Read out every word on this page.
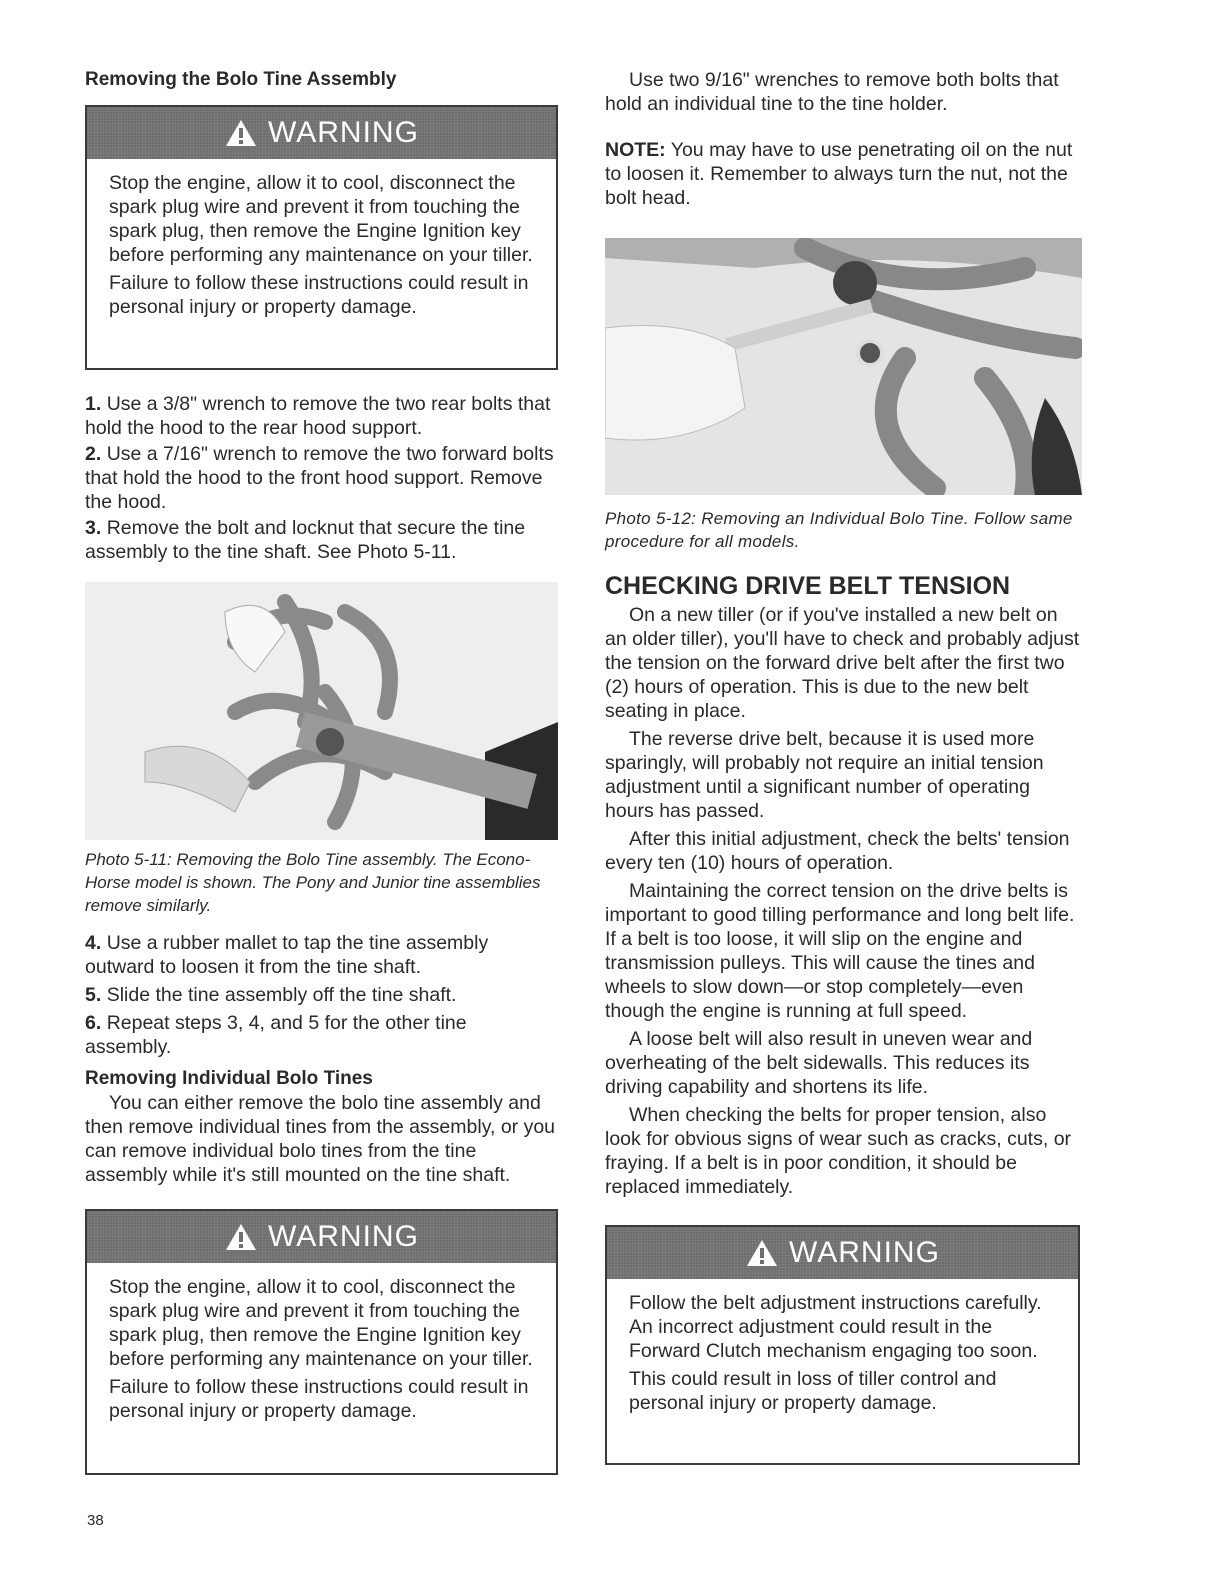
Removing the Bolo Tine Assembly
WARNING

Stop the engine, allow it to cool, disconnect the spark plug wire and prevent it from touching the spark plug, then remove the Engine Ignition key before performing any maintenance on your tiller.

Failure to follow these instructions could result in personal injury or property damage.

1. Use a 3/8" wrench to remove the two rear bolts that hold the hood to the rear hood support.

2. Use a 7/16" wrench to remove the two forward bolts that hold the hood to the front hood support. Remove the hood.

3. Remove the bolt and locknut that secure the tine assembly to the tine shaft. See Photo 5-11.

Photo 5-11: Removing the Bolo Tine assembly. The Econo-Horse model is shown. The Pony and Junior tine assemblies remove similarly.

4. Use a rubber mallet to tap the tine assembly outward to loosen it from the tine shaft.

5. Slide the tine assembly off the tine shaft.

6. Repeat steps 3, 4, and 5 for the other tine assembly.

Removing Individual Bolo Tines

You can either remove the bolo tine assembly and then remove individual tines from the assembly, or you can remove individual bolo tines from the tine assembly while it's still mounted on the tine shaft.

WARNING

Stop the engine, allow it to cool, disconnect the spark plug wire and prevent it from touching the spark plug, then remove the Engine Ignition key before performing any maintenance on your tiller.

Failure to follow these instructions could result in personal injury or property damage.

Use two 9/16" wrenches to remove both bolts that hold an individual tine to the tine holder.

NOTE: You may have to use penetrating oil on the nut to loosen it. Remember to always turn the nut, not the bolt head.

Photo 5-12: Removing an Individual Bolo Tine. Follow same procedure for all models.

CHECKING DRIVE BELT TENSION

On a new tiller (or if you've installed a new belt on an older tiller), you'll have to check and probably adjust the tension on the forward drive belt after the first two (2) hours of operation. This is due to the new belt seating in place.

The reverse drive belt, because it is used more sparingly, will probably not require an initial tension adjustment until a significant number of operating hours has passed.

After this initial adjustment, check the belts' tension every ten (10) hours of operation.

Maintaining the correct tension on the drive belts is important to good tilling performance and long belt life. If a belt is too loose, it will slip on the engine and transmission pulleys. This will cause the tines and wheels to slow down—or stop completely—even though the engine is running at full speed.

A loose belt will also result in uneven wear and overheating of the belt sidewalls. This reduces its driving capability and shortens its life.

When checking the belts for proper tension, also look for obvious signs of wear such as cracks, cuts, or fraying. If a belt is in poor condition, it should be replaced immediately.

WARNING

Follow the belt adjustment instructions carefully. An incorrect adjustment could result in the Forward Clutch mechanism engaging too soon.

This could result in loss of tiller control and personal injury or property damage.

38
